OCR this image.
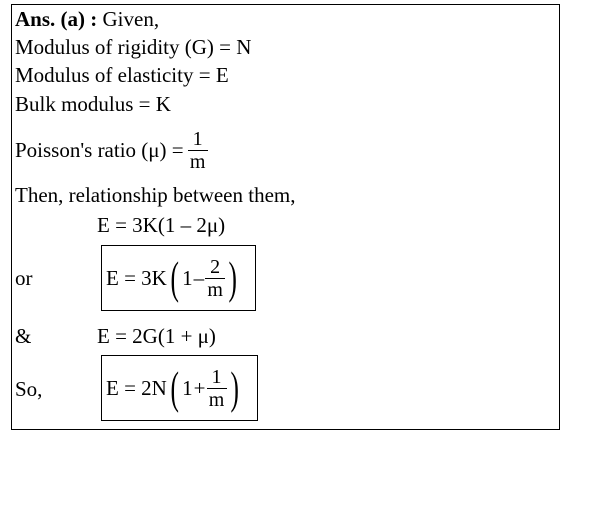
Ans. (a) : Given,
Modulus of rigidity (G) = N
Modulus of elasticity = E
Bulk modulus = K
Poisson's ratio $(\mu) = \frac{1}{m}$
Then, relationship between them,
E = 3K(1 – 2μ)
or	E = 3K ( $1 - \frac{2}{m}$ )
&	E = 2G(1 + μ)
So,	E = 2N ( $1 + \frac{1}{m}$ )
